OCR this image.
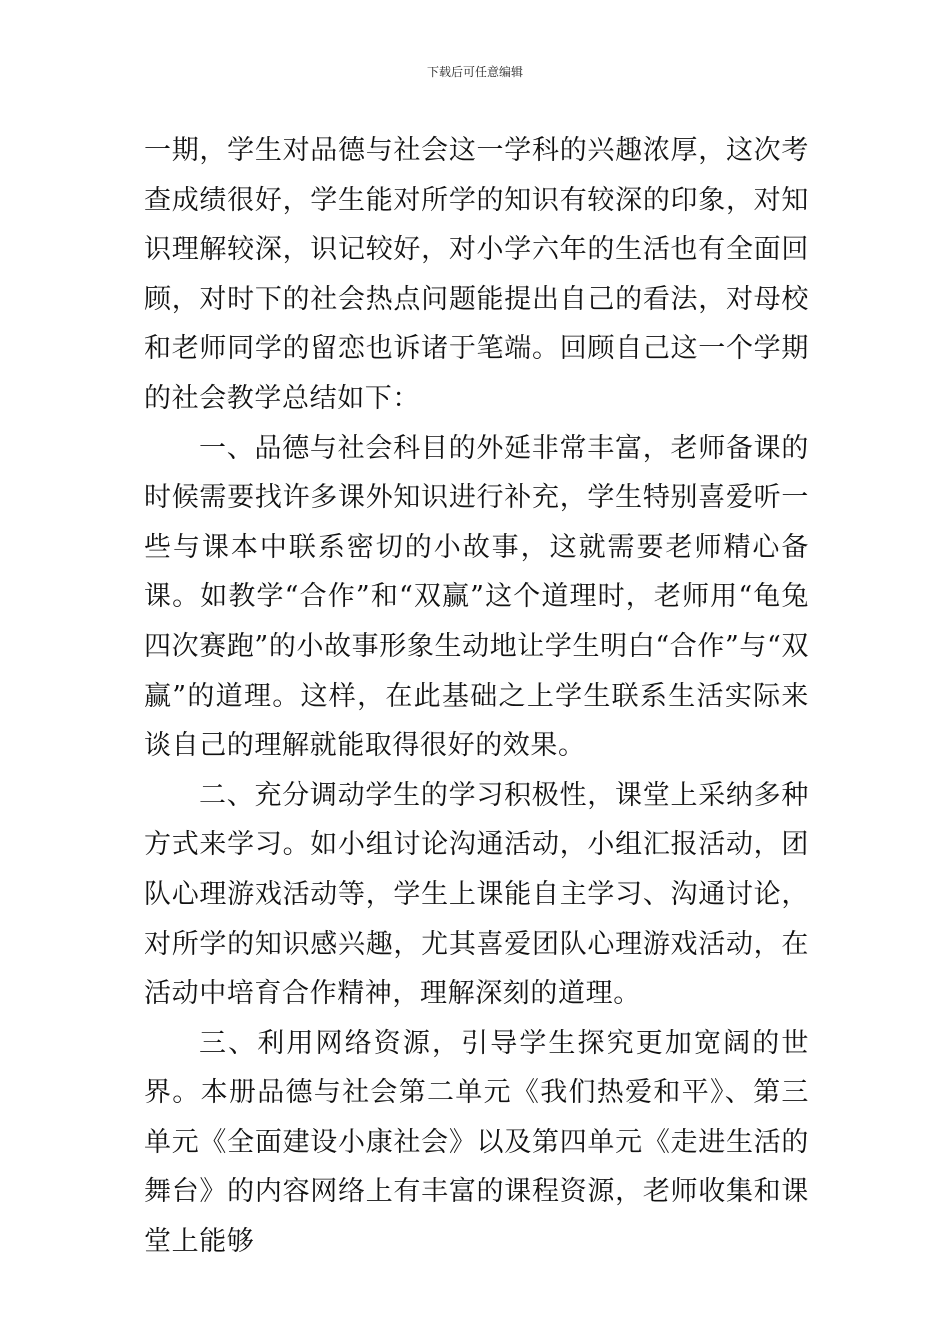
下载后可任意编辑

一期，学生对品德与社会这一学科的兴趣浓厚，这次考查成绩很好，学生能对所学的知识有较深的印象，对知识理解较深，识记较好，对小学六年的生活也有全面回顾，对时下的社会热点问题能提出自己的看法，对母校和老师同学的留恋也诉诸于笔端。回顾自己这一个学期的社会教学总结如下：

一、品德与社会科目的外延非常丰富，老师备课的时候需要找许多课外知识进行补充，学生特别喜爱听一些与课本中联系密切的小故事，这就需要老师精心备课。如教学“合作”和“双赢”这个道理时，老师用“龟兔四次赛跑”的小故事形象生动地让学生明白“合作”与“双赢”的道理。这样，在此基础之上学生联系生活实际来谈自己的理解就能取得很好的效果。

二、充分调动学生的学习积极性，课堂上采纳多种方式来学习。如小组讨论沟通活动，小组汇报活动，团队心理游戏活动等，学生上课能自主学习、沟通讨论，对所学的知识感兴趣，尤其喜爱团队心理游戏活动，在活动中培育合作精神，理解深刻的道理。

三、利用网络资源，引导学生探究更加宽阔的世界。本册品德与社会第二单元《我们热爱和平》、第三单元《全面建设小康社会》以及第四单元《走进生活的舞台》的内容网络上有丰富的课程资源，老师收集和课堂上能够
